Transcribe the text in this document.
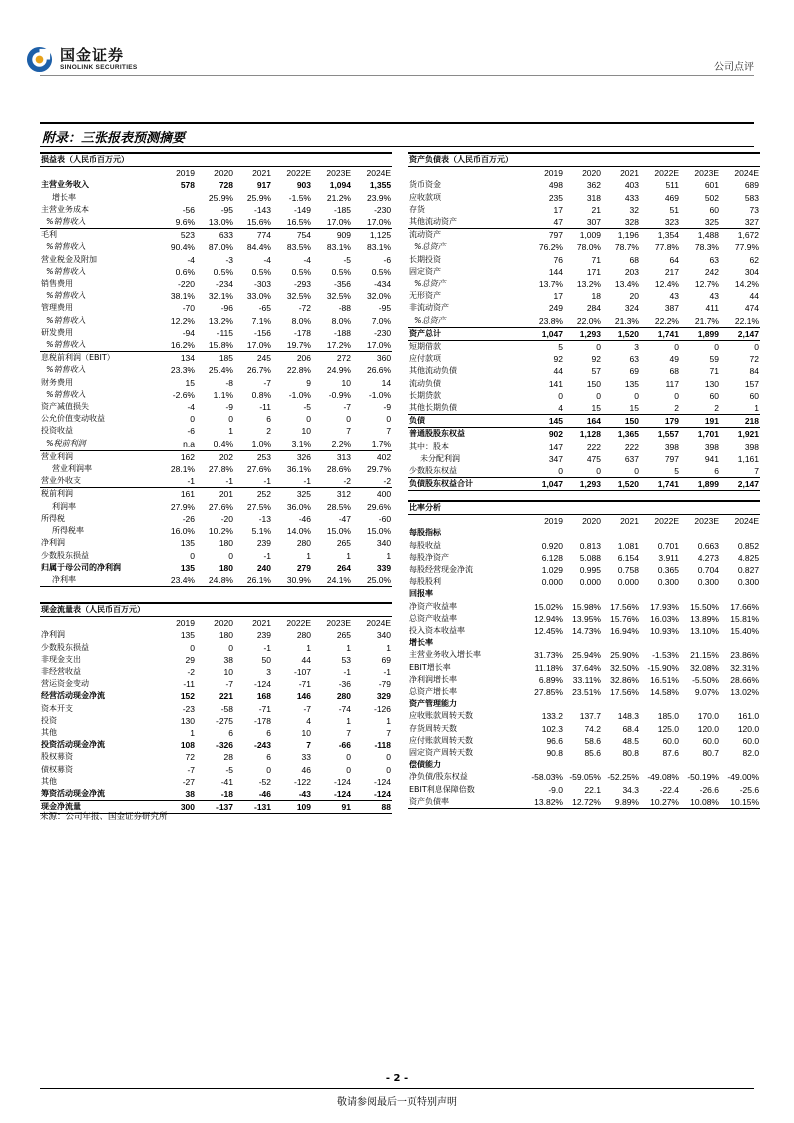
国金证券
SINOLINK SECURITIES	公司点评
附录：三张报表预测摘要
损益表（人民币百万元）						
	2019	2020	2021	2022E	2023E	2024E
主营业务收入	578	728	917	903	1,094	1,355
增长率		25.9%	25.9%	-1.5%	21.2%	23.9%
主营业务成本	-56	-95	-143	-149	-185	-230
%销售收入	9.6%	13.0%	15.6%	16.5%	17.0%	17.0%
毛利	523	633	774	754	909	1,125
%销售收入	90.4%	87.0%	84.4%	83.5%	83.1%	83.1%
营业税金及附加	-4	-3	-4	-4	-5	-6
%销售收入	0.6%	0.5%	0.5%	0.5%	0.5%	0.5%
销售费用	-220	-234	-303	-293	-356	-434
%销售收入	38.1%	32.1%	33.0%	32.5%	32.5%	32.0%
管理费用	-70	-96	-65	-72	-88	-95
%销售收入	12.2%	13.2%	7.1%	8.0%	8.0%	7.0%
研发费用	-94	-115	-156	-178	-188	-230
%销售收入	16.2%	15.8%	17.0%	19.7%	17.2%	17.0%
息税前利润（EBIT）	134	185	245	206	272	360
%销售收入	23.3%	25.4%	26.7%	22.8%	24.9%	26.6%
财务费用	15	-8	-7	9	10	14
%销售收入	-2.6%	1.1%	0.8%	-1.0%	-0.9%	-1.0%
资产减值损失	-4	-9	-11	-5	-7	-9
公允价值变动收益	0	0	6	0	0	0
投资收益	-6	1	2	10	7	7
%税前利润	n.a	0.4%	1.0%	3.1%	2.2%	1.7%
营业利润	162	202	253	326	313	402
营业利润率	28.1%	27.8%	27.6%	36.1%	28.6%	29.7%
营业外收支	-1	-1	-1	-1	-2	-2
税前利润	161	201	252	325	312	400
利润率	27.9%	27.6%	27.5%	36.0%	28.5%	29.6%
所得税	-26	-20	-13	-46	-47	-60
所得税率	16.0%	10.2%	5.1%	14.0%	15.0%	15.0%
净利润	135	180	239	280	265	340
少数股东损益	0	0	-1	1	1	1
归属于母公司的净利润	135	180	240	279	264	339
净利率	23.4%	24.8%	26.1%	30.9%	24.1%	25.0%
现金流量表（人民币百万元）						
	2019	2020	2021	2022E	2023E	2024E
净利润	135	180	239	280	265	340
少数股东损益	0	0	-1	1	1	1
非现金支出	29	38	50	44	53	69
非经营收益	-2	10	3	-107	-1	-1
营运资金变动	-11	-7	-124	-71	-36	-79
经营活动现金净流	152	221	168	146	280	329
资本开支	-23	-58	-71	-7	-74	-126
投资	130	-275	-178	4	1	1
其他	1	6	6	10	7	7
投资活动现金净流	108	-326	-243	7	-66	-118
股权募资	72	28	6	33	0	0
债权募资	-7	-5	0	46	0	0
其他	-27	-41	-52	-122	-124	-124
筹资活动现金净流	38	-18	-46	-43	-124	-124
现金净流量	300	-137	-131	109	91	88
资产负债表（人民币百万元）						
	2019	2020	2021	2022E	2023E	2024E
货币资金	498	362	403	511	601	689
应收款项	235	318	433	469	502	583
存货	17	21	32	51	60	73
其他流动资产	47	307	328	323	325	327
流动资产	797	1,009	1,196	1,354	1,488	1,672
%总资产	76.2%	78.0%	78.7%	77.8%	78.3%	77.9%
长期投资	76	71	68	64	63	62
固定资产	144	171	203	217	242	304
%总资产	13.7%	13.2%	13.4%	12.4%	12.7%	14.2%
无形资产	17	18	20	43	43	44
非流动资产	249	284	324	387	411	474
%总资产	23.8%	22.0%	21.3%	22.2%	21.7%	22.1%
资产总计	1,047	1,293	1,520	1,741	1,899	2,147
短期借款	5	0	3	0	0	0
应付款项	92	92	63	49	59	72
其他流动负债	44	57	69	68	71	84
流动负债	141	150	135	117	130	157
长期贷款	0	0	0	0	60	60
其他长期负债	4	15	15	2	2	1
负债	145	164	150	179	191	218
普通股股东权益	902	1,128	1,365	1,557	1,701	1,921
其中：股本	147	222	222	398	398	398
未分配利润	347	475	637	797	941	1,161
少数股东权益	0	0	0	5	6	7
负债股东权益合计	1,047	1,293	1,520	1,741	1,899	2,147
比率分析						
	2019	2020	2021	2022E	2023E	2024E
每股指标						
每股收益	0.920	0.813	1.081	0.701	0.663	0.852
每股净资产	6.128	5.088	6.154	3.911	4.273	4.825
每股经营现金净流	1.029	0.995	0.758	0.365	0.704	0.827
每股股利	0.000	0.000	0.000	0.300	0.300	0.300
回报率						
净资产收益率	15.02%	15.98%	17.56%	17.93%	15.50%	17.66%
总资产收益率	12.94%	13.95%	15.76%	16.03%	13.89%	15.81%
投入资本收益率	12.45%	14.73%	16.94%	10.93%	13.10%	15.40%
增长率						
主营业务收入增长率	31.73%	25.94%	25.90%	-1.53%	21.15%	23.86%
EBIT增长率	11.18%	37.64%	32.50%	-15.90%	32.08%	32.31%
净利润增长率	6.89%	33.11%	32.86%	16.51%	-5.50%	28.66%
总资产增长率	27.85%	23.51%	17.56%	14.58%	9.07%	13.02%
资产管理能力						
应收账款周转天数	133.2	137.7	148.3	185.0	170.0	161.0
存货周转天数	102.3	74.2	68.4	125.0	120.0	120.0
应付账款周转天数	96.6	58.6	48.5	60.0	60.0	60.0
固定资产周转天数	90.8	85.6	80.8	87.6	80.7	82.0
偿债能力						
净负债/股东权益	-58.03%	-59.05%	-52.25%	-49.08%	-50.19%	-49.00%
EBIT利息保障倍数	-9.0	22.1	34.3	-22.4	-26.6	-25.6
资产负债率	13.82%	12.72%	9.89%	10.27%	10.08%	10.15%
来源：公司年报、国金证券研究所
- 2 -
敬请参阅最后一页特别声明
